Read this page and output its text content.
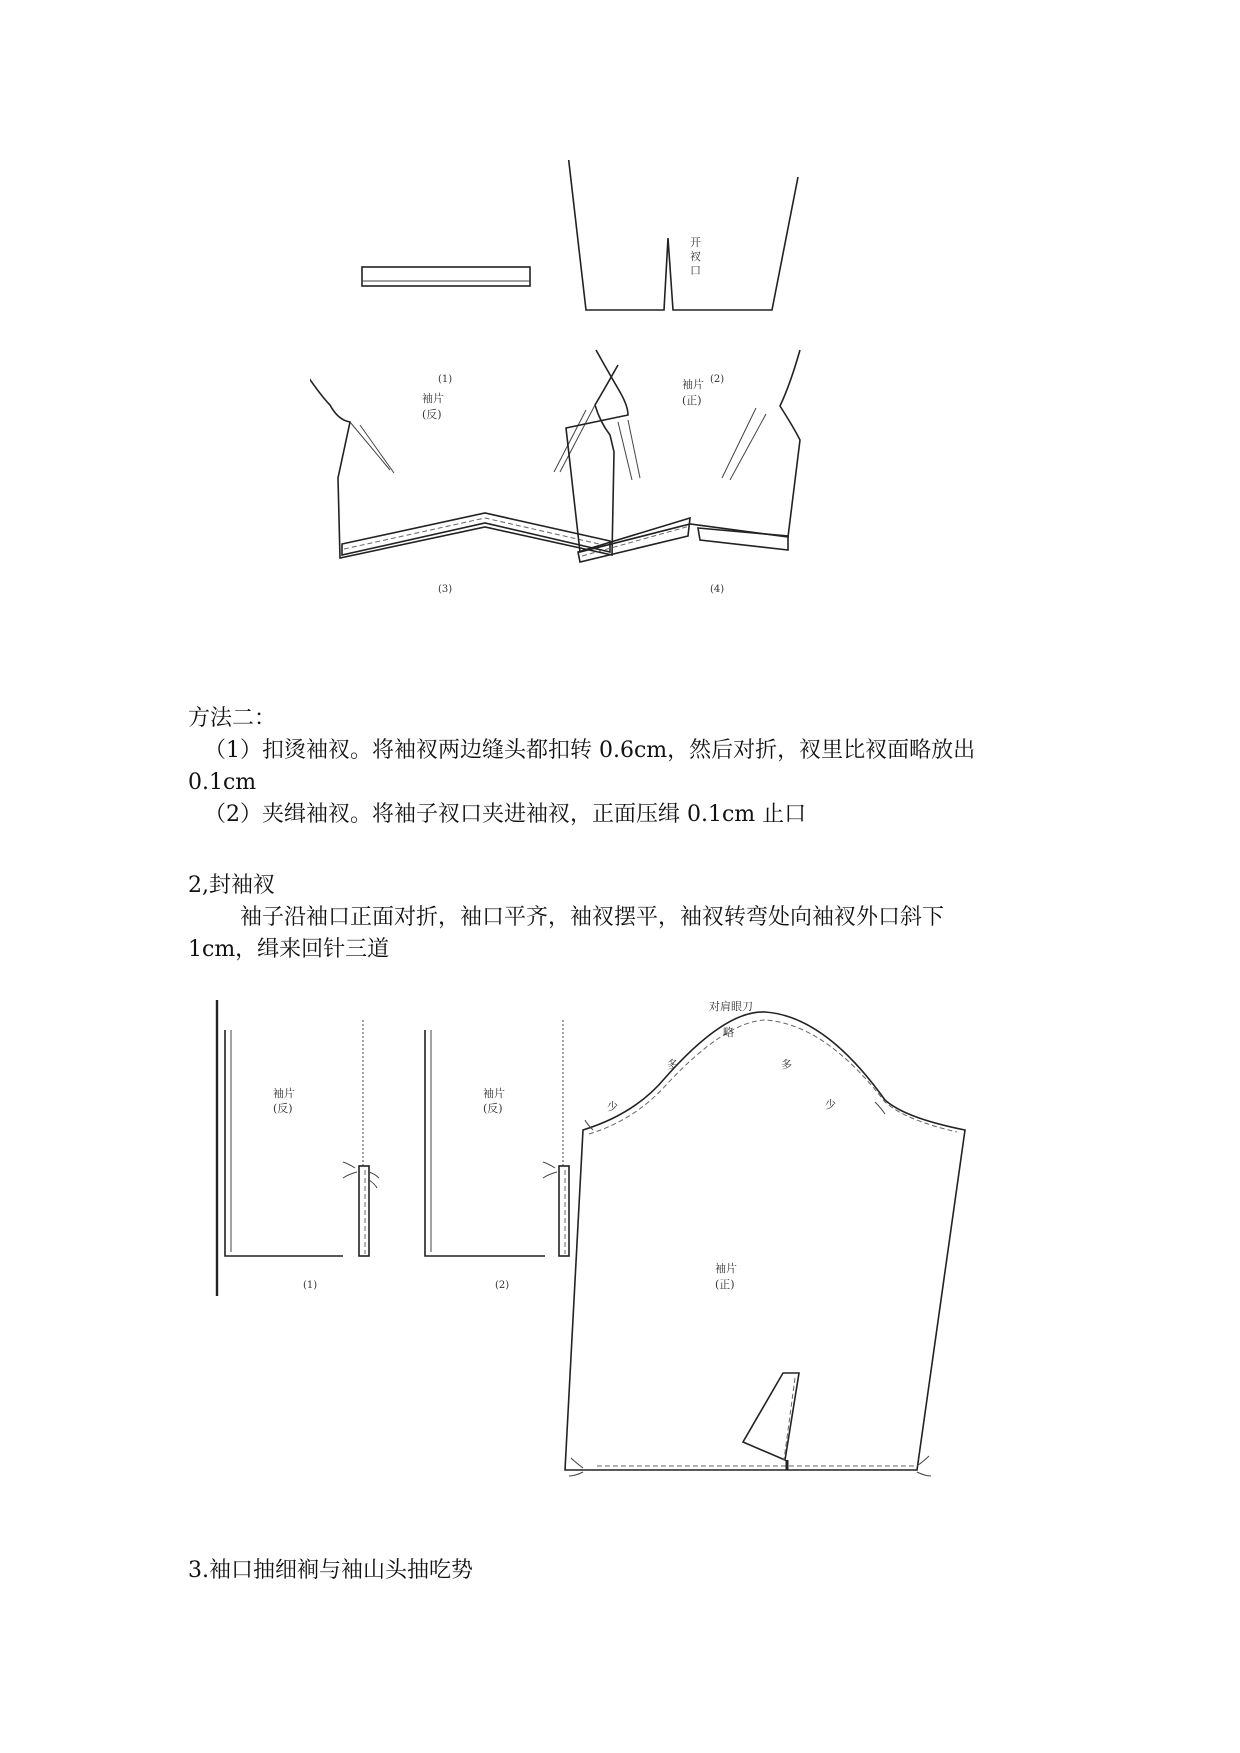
(1)
开衩口
(2)
袖片
(反)
(3)
袖片
(正)
(4)

方法二：

（1）扣烫袖衩。将袖衩两边缝头都扣转 0.6cm，然后对折，衩里比衩面略放出

0.1cm

（2）夹缉袖衩。将袖子衩口夹进袖衩，正面压缉 0.1cm 止口

2,封袖衩

袖子沿袖口正面对折，袖口平齐，袖衩摆平，袖衩转弯处向袖衩外口斜下

1cm，缉来回针三道

袖片
(反)
(1)
袖片
(反)
(2)
对肩眼刀
略
多	多
少	少
袖片
(正)

3.袖口抽细裥与袖山头抽吃势
